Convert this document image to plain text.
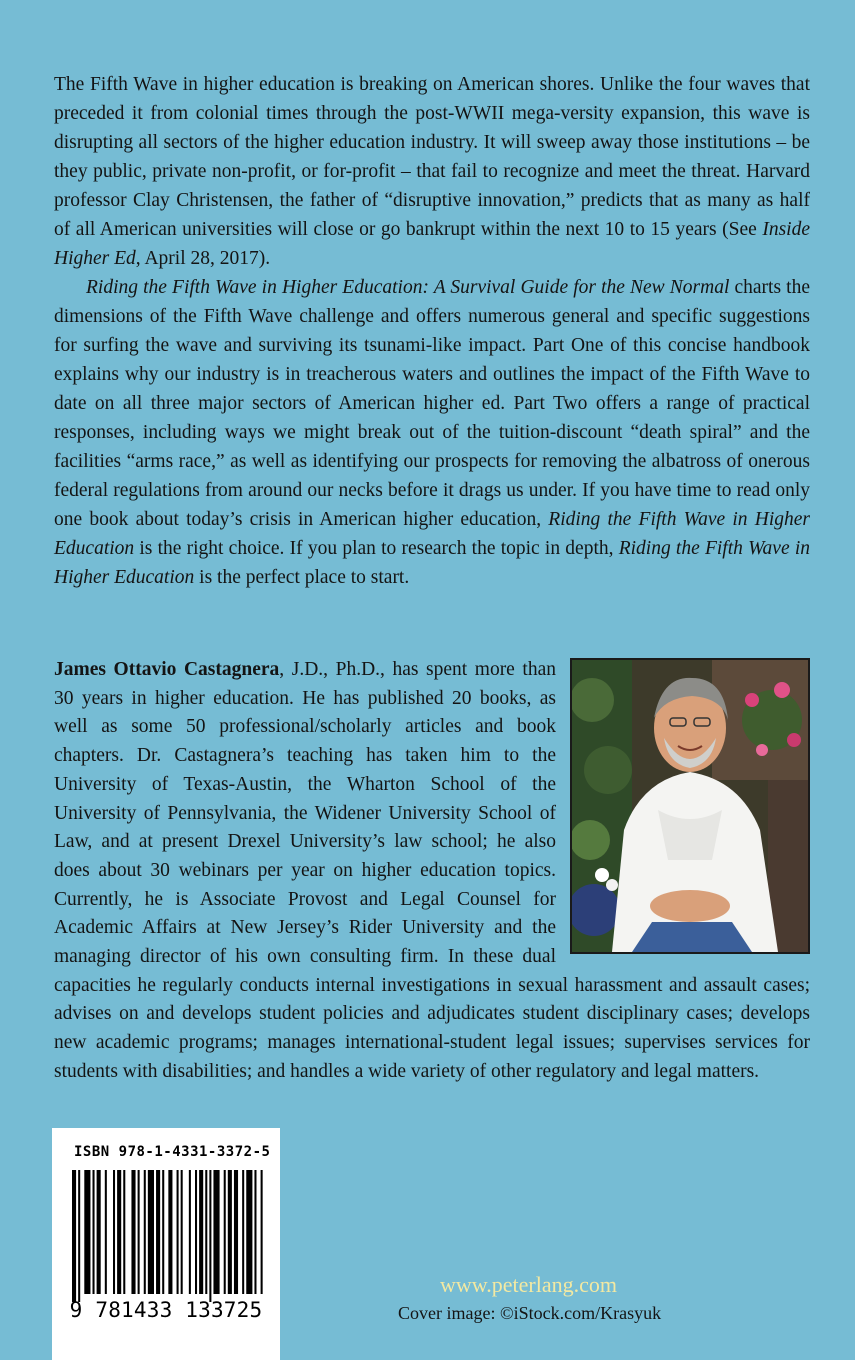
The Fifth Wave in higher education is breaking on American shores. Unlike the four waves that preceded it from colonial times through the post-WWII mega-versity expansion, this wave is disrupting all sectors of the higher education industry. It will sweep away those institutions – be they public, private non-profit, or for-profit – that fail to recognize and meet the threat. Harvard professor Clay Christensen, the father of “disruptive innovation,” predicts that as many as half of all American universities will close or go bankrupt within the next 10 to 15 years (See Inside Higher Ed, April 28, 2017).

Riding the Fifth Wave in Higher Education: A Survival Guide for the New Normal charts the dimensions of the Fifth Wave challenge and offers numerous general and specific suggestions for surfing the wave and surviving its tsunami-like impact. Part One of this concise handbook explains why our industry is in treacherous waters and outlines the impact of the Fifth Wave to date on all three major sectors of American higher ed. Part Two offers a range of practical responses, including ways we might break out of the tuition-discount “death spiral” and the facilities “arms race,” as well as identifying our prospects for removing the albatross of onerous federal regulations from around our necks before it drags us under. If you have time to read only one book about today’s crisis in American higher education, Riding the Fifth Wave in Higher Education is the right choice. If you plan to research the topic in depth, Riding the Fifth Wave in Higher Education is the perfect place to start.

James Ottavio Castagnera, J.D., Ph.D., has spent more than 30 years in higher education. He has published 20 books, as well as some 50 professional/scholarly articles and book chapters. Dr. Castagnera’s teaching has taken him to the University of Texas-Austin, the Wharton School of the University of Pennsylvania, the Widener University School of Law, and at present Drexel University’s law school; he also does about 30 webinars per year on higher education topics. Currently, he is Associate Provost and Legal Counsel for Academic Affairs at New Jersey’s Rider University and the managing director of his own consulting firm. In these dual capacities he regularly conducts internal investigations in sexual harassment and assault cases; advises on and develops student policies and adjudicates student disciplinary cases; develops new academic programs; manages international-student legal issues; supervises services for students with disabilities; and handles a wide variety of other regulatory and legal matters.
ISBN 978-1-4331-3372-5
9 781433 133725
www.peterlang.com
Cover image: ©iStock.com/Krasyuk
